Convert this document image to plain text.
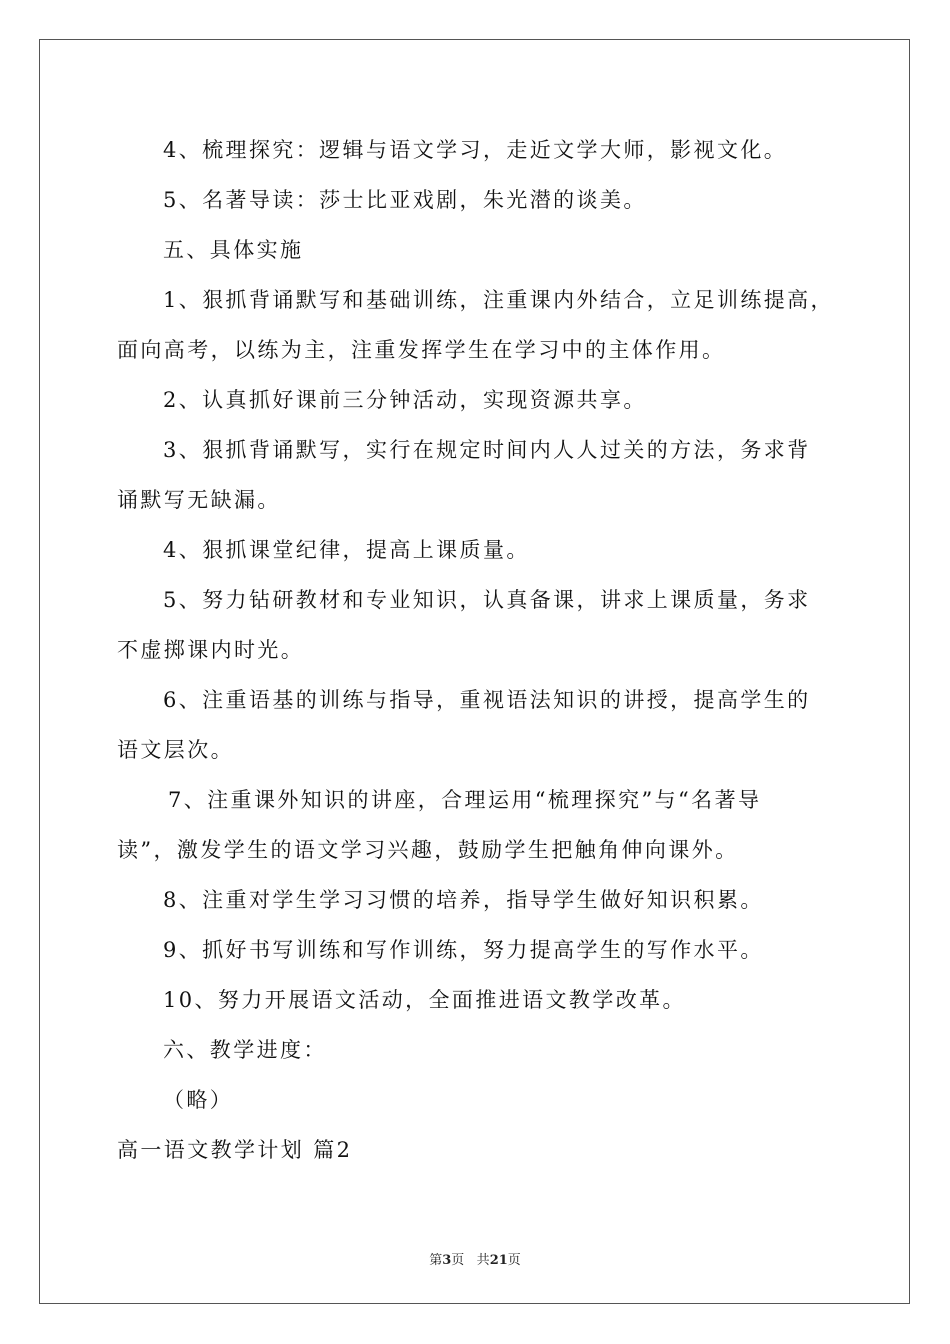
4、梳理探究：逻辑与语文学习，走近文学大师，影视文化。
5、名著导读：莎士比亚戏剧，朱光潜的谈美。
五、具体实施
1、狠抓背诵默写和基础训练，注重课内外结合，立足训练提高，
面向高考，以练为主，注重发挥学生在学习中的主体作用。
2、认真抓好课前三分钟活动，实现资源共享。
3、狠抓背诵默写，实行在规定时间内人人过关的方法，务求背
诵默写无缺漏。
4、狠抓课堂纪律，提高上课质量。
5、努力钻研教材和专业知识，认真备课，讲求上课质量，务求
不虚掷课内时光。
6、注重语基的训练与指导，重视语法知识的讲授，提高学生的
语文层次。
7、注重课外知识的讲座，合理运用“梳理探究”与“名著导
读”，激发学生的语文学习兴趣，鼓励学生把触角伸向课外。
8、注重对学生学习习惯的培养，指导学生做好知识积累。
9、抓好书写训练和写作训练，努力提高学生的写作水平。
10、努力开展语文活动，全面推进语文教学改革。
六、教学进度：
（略）
高一语文教学计划 篇2
第3页 共21页
